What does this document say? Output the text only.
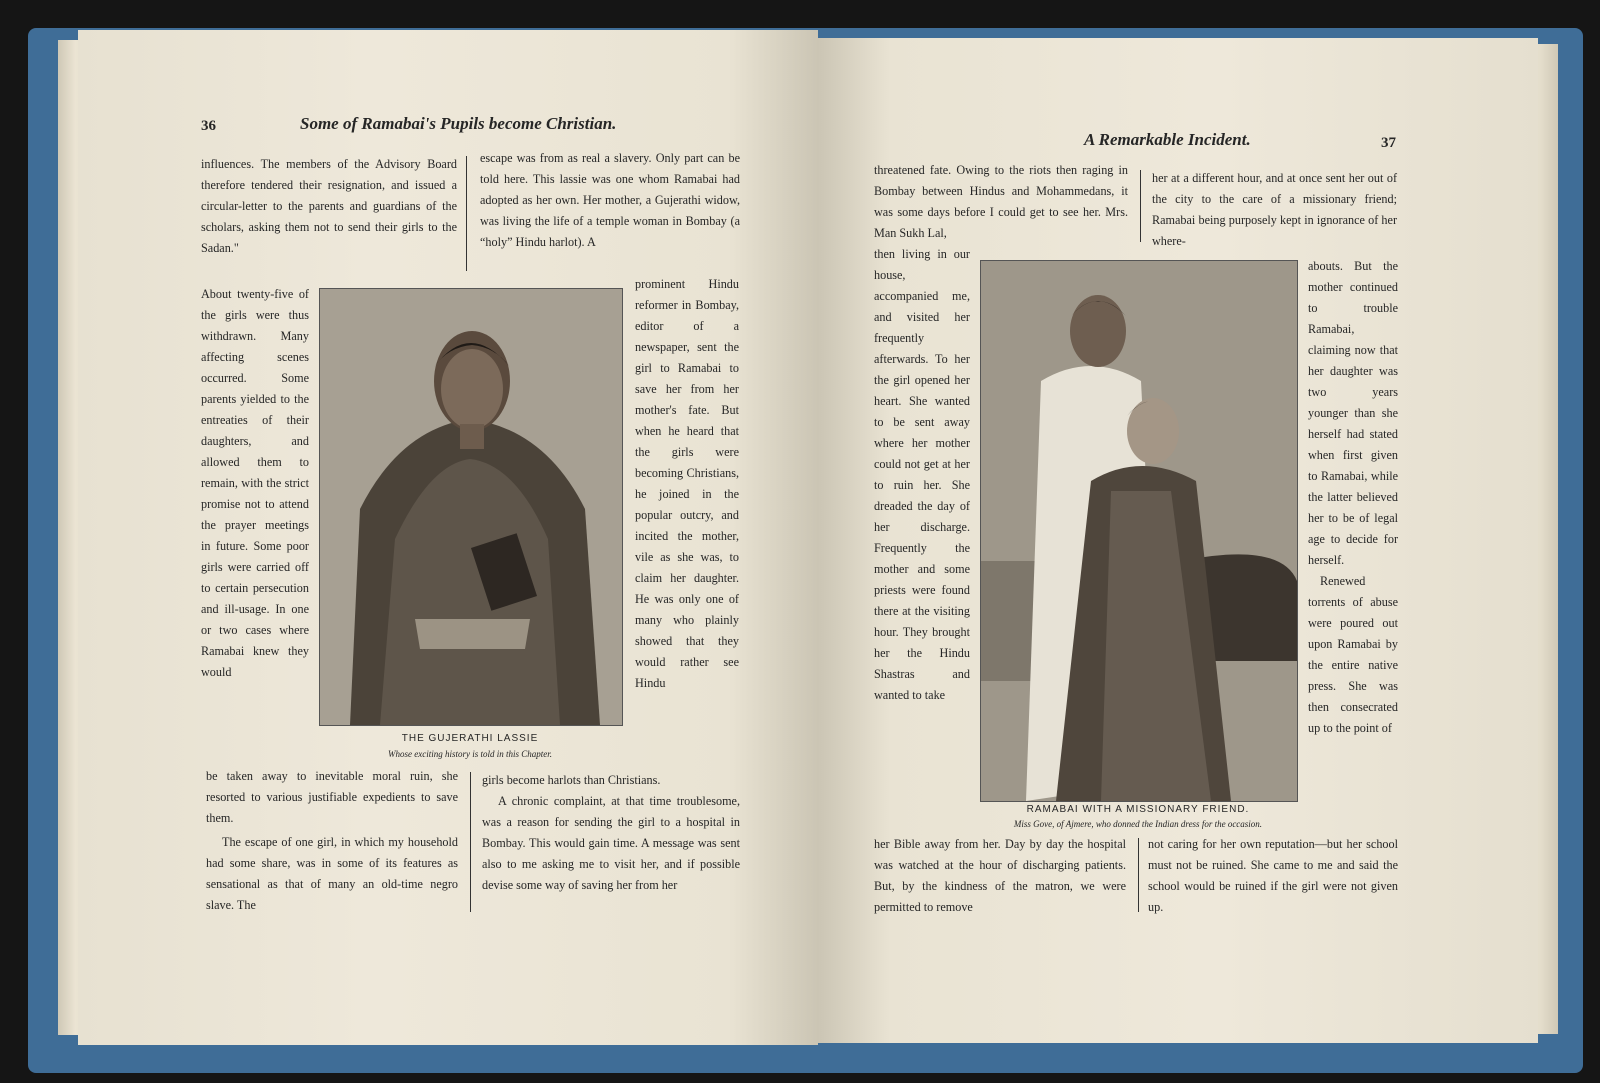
36	Some of Ramabai's Pupils become Christian.

influences. The members of the Advisory Board therefore tendered their resignation, and issued a circular-letter to the parents and guardians of the scholars, asking them not to send their girls to the Sadan."

About twenty-five of the girls were thus withdrawn. Many affecting scenes occurred. Some parents yielded to the entreaties of their daughters, and allowed them to remain, with the strict promise not to attend the prayer meetings in future. Some poor girls were carried off to certain persecution and ill-usage. In one or two cases where Ramabai knew they would

be taken away to inevitable moral ruin, she resorted to various justifiable expedients to save them.

The escape of one girl, in which my household had some share, was in some of its features as sensational as that of many an old-time negro slave. The

escape was from as real a slavery. Only part can be told here. This lassie was one whom Ramabai had adopted as her own. Her mother, a Gujerathi widow, was living the life of a temple woman in Bombay (a “holy” Hindu harlot). A

prominent Hindu reformer in Bombay, editor of a newspaper, sent the girl to Ramabai to save her from her mother's fate. But when he heard that the girls were becoming Christians, he joined in the popular outcry, and incited the mother, vile as she was, to claim her daughter. He was only one of many who plainly showed that they would rather see Hindu

girls become harlots than Christians.

A chronic complaint, at that time troublesome, was a reason for sending the girl to a hospital in Bombay. This would gain time. A message was sent also to me asking me to visit her, and if possible devise some way of saving her from her

THE GUJERATHI LASSIE
Whose exciting history is told in this Chapter.
A Remarkable Incident.	37

threatened fate. Owing to the riots then raging in Bombay between Hindus and Mohammedans, it was some days before I could get to see her. Mrs. Man Sukh Lal,

then living in our house, accompanied me, and visited her frequently afterwards. To her the girl opened her heart. She wanted to be sent away where her mother could not get at her to ruin her. She dreaded the day of her discharge. Frequently the mother and some priests were found there at the visiting hour. They brought her the Hindu Shastras and wanted to take

her Bible away from her. Day by day the hospital was watched at the hour of discharging patients. But, by the kindness of the matron, we were permitted to remove

her at a different hour, and at once sent her out of the city to the care of a missionary friend; Ramabai being purposely kept in ignorance of her where-

abouts. But the mother continued to trouble Ramabai, claiming now that her daughter was two years younger than she herself had stated when first given to Ramabai, while the latter believed her to be of legal age to decide for herself.

Renewed torrents of abuse were poured out upon Ramabai by the entire native press. She was then consecrated up to the point of

not caring for her own reputation—but her school must not be ruined. She came to me and said the school would be ruined if the girl were not given up.

RAMABAI WITH A MISSIONARY FRIEND.
Miss Gove, of Ajmere, who donned the Indian dress for the occasion.
